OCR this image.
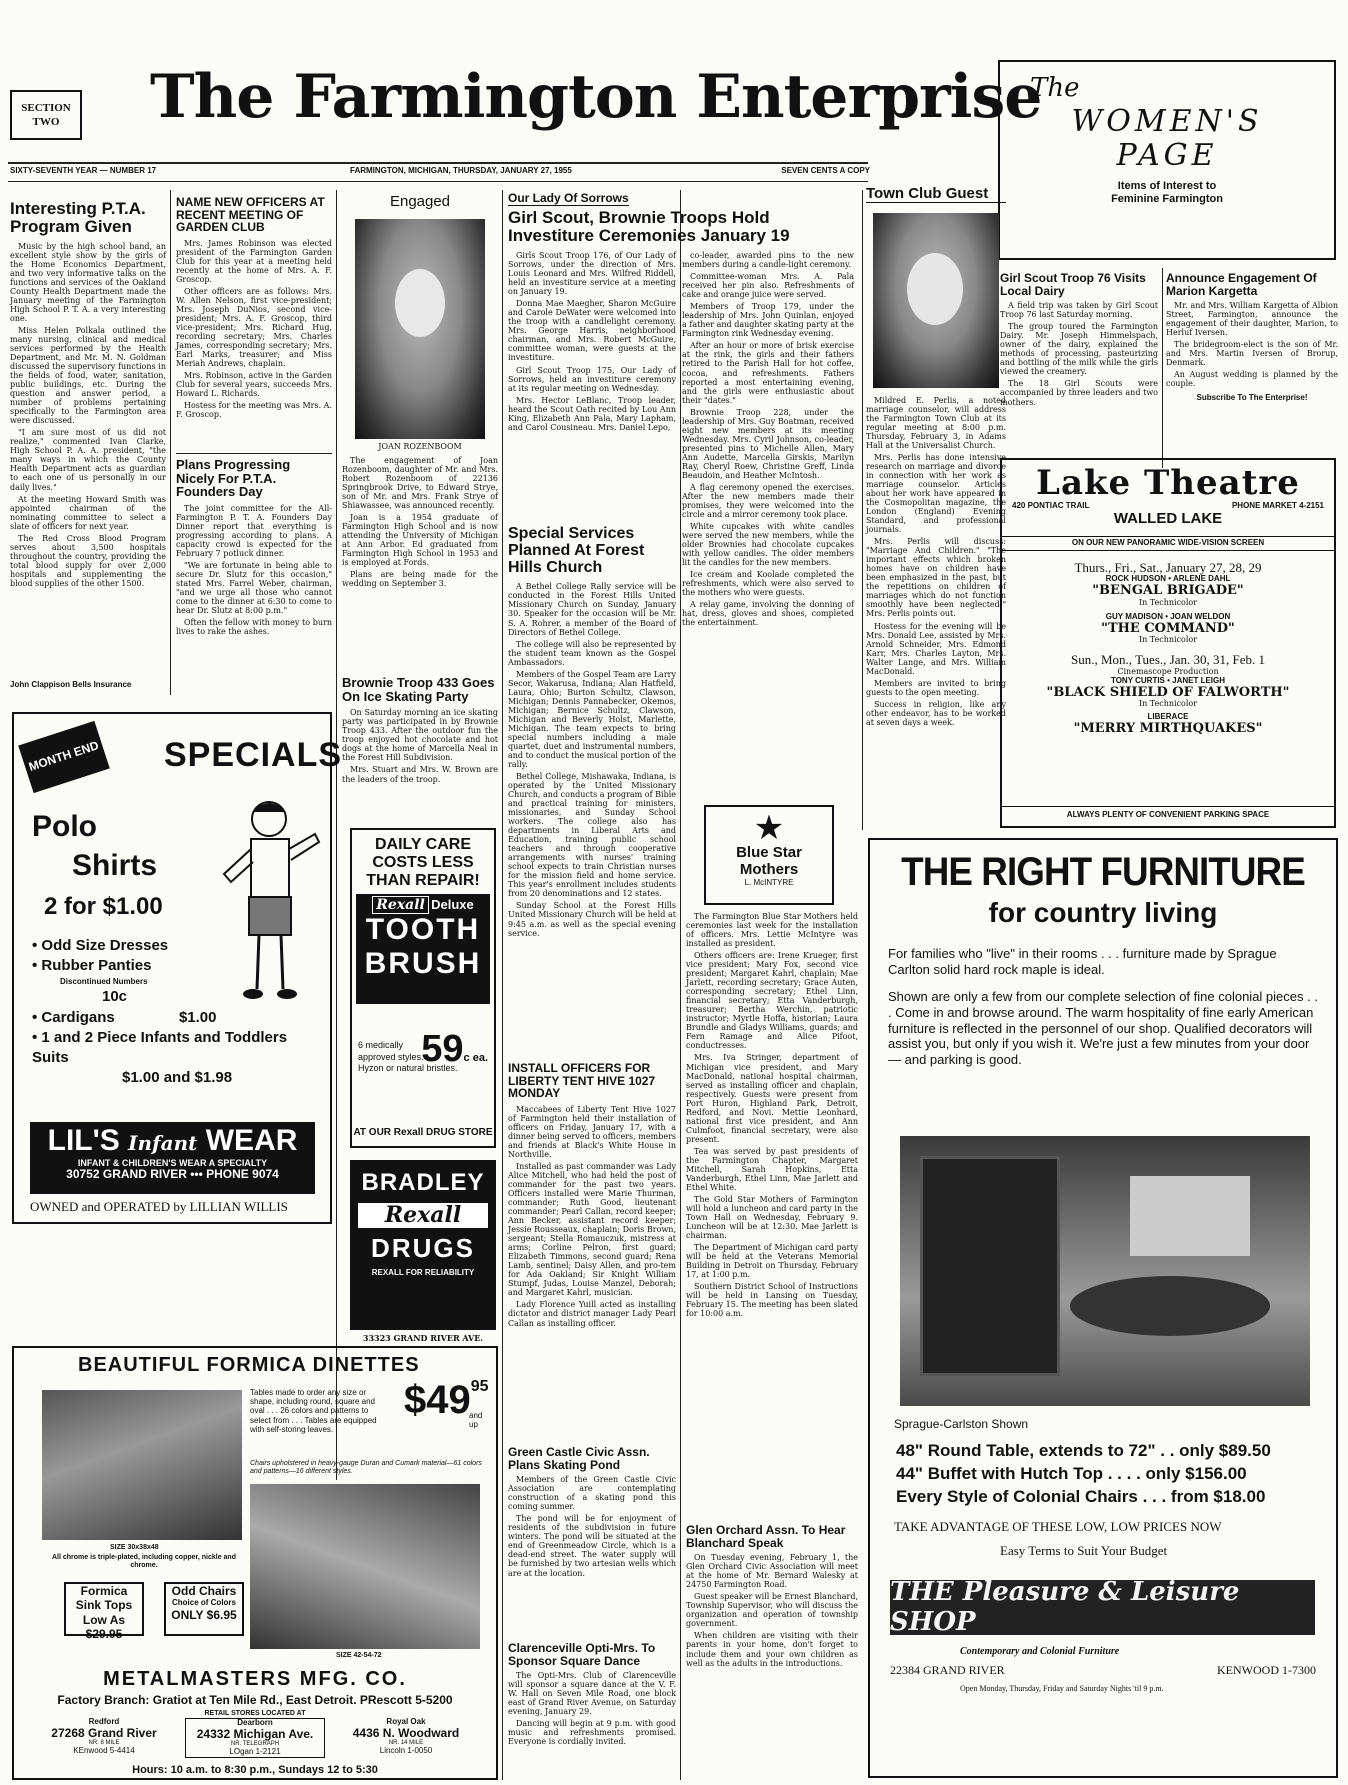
SECTION TWO The Farmington Enterprise
SIXTY-SEVENTH YEAR — NUMBER 17	FARMINGTON, MICHIGAN, THURSDAY, JANUARY 27, 1955	SEVEN CENTS A COPY
The
WOMEN'S
PAGE
Items of Interest to
Feminine Farmington
Interesting P.T.A. Program Given

Music by the high school band, an excellent style show by the girls of the Home Economics Department, and two very informative talks on the functions and services of the Oakland County Health Department made the January meeting of the Farmington High School P. T. A. a very interesting one.

Miss Helen Polkala outlined the many nursing, clinical and medical services performed by the Health Department, and Mr. M. N. Goldman discussed the supervisory functions in the fields of food, water, sanitation, public buildings, etc. During the question and answer period, a number of problems pertaining specifically to the Farmington area were discussed.

"I am sure most of us did not realize," commented Ivan Clarke, High School P. A. A. president, "the many ways in which the County Health Department acts as guardian to each one of us personally in our daily lives."

At the meeting Howard Smith was appointed chairman of the nominating committee to select a slate of officers for next year.

The Red Cross Blood Program serves about 3,500 hospitals throughout the country, providing the total blood supply for over 2,000 hospitals and supplementing the blood supplies of the other 1500.

John Clappison Bells Insurance
NAME NEW OFFICERS AT RECENT MEETING OF GARDEN CLUB

Mrs. James Robinson was elected president of the Farmington Garden Club for this year at a meeting held recently at the home of Mrs. A. F. Groscop.

Other officers are as follows: Mrs. W. Allen Nelson, first vice-president; Mrs. Joseph DuNios, second vice-president; Mrs. A. F. Groscop, third vice-president; Mrs. Richard Hug, recording secretary; Mrs. Charles James, corresponding secretary; Mrs. Earl Marks, treasurer; and Miss Meriah Andrews, chaplain.

Mrs. Robinson, active in the Garden Club for several years, succeeds Mrs. Howard L. Richards.

Hostess for the meeting was Mrs. A. F. Groscop.

Plans Progressing Nicely For P.T.A. Founders Day

The joint committee for the All-Farmington P. T. A. Founders Day Dinner report that everything is progressing according to plans. A capacity crowd is expected for the February 7 potluck dinner.

"We are fortunate in being able to secure Dr. Slutz for this occasion," stated Mrs. Farrel Weber, chairman, "and we urge all those who cannot come to the dinner at 6:30 to come to hear Dr. Slutz at 8:00 p.m."

Often the fellow with money to burn lives to rake the ashes.

MONTH END SPECIALS
Polo
Shirts
2 for $1.00
• Odd Size Dresses
• Rubber Panties
Discontinued Numbers
10c
• Cardigans	$1.00
• 1 and 2 Piece Infants and Toddlers Suits
$1.00 and $1.98
LIL'S Infant WEAR
INFANT & CHILDREN'S WEAR A SPECIALTY
30752 GRAND RIVER ••• PHONE 9074
OWNED and OPERATED by LILLIAN WILLIS
Engaged
JOAN ROZENBOOM

The engagement of Joan Rozenboom, daughter of Mr. and Mrs. Robert Rozenboom of 22136 Springbrook Drive, to Edward Strye, son of Mr. and Mrs. Frank Strye of Shiawassee, was announced recently.

Joan is a 1954 graduate of Farmington High School and is now attending the University of Michigan at Ann Arbor. Ed graduated from Farmington High School in 1953 and is employed at Fords.

Plans are being made for the wedding on September 3.

Brownie Troop 433 Goes On Ice Skating Party

On Saturday morning an ice skating party was participated in by Brownie Troop 433. After the outdoor fun the troop enjoyed hot chocolate and hot dogs at the home of Marcella Neal in the Forest Hill Subdivision.

Mrs. Stuart and Mrs. W. Brown are the leaders of the troop.

DAILY CARE
COSTS LESS
THAN REPAIR!
Rexall Deluxe
TOOTH
BRUSH
6 medically
approved styles.
Hyzon or natural bristles.
59c ea.
AT OUR Rexall DRUG STORE
BRADLEY
Rexall
DRUGS
REXALL FOR RELIABILITY
33323 GRAND RIVER AVE.
Our Lady Of Sorrows
Girl Scout, Brownie Troops Hold Investiture Ceremonies January 19

Girls Scout Troop 176, of Our Lady of Sorrows, under the direction of Mrs. Louis Leonard and Mrs. Wilfred Riddell, held an investiture service at a meeting on January 19.

Donna Mae Maegher, Sharon McGuire and Carole DeWater were welcomed into the troop with a candlelight ceremony. Mrs. George Harris, neighborhood chairman, and Mrs. Robert McGuire, committee woman, were guests at the investiture.

Girl Scout Troop 175, Our Lady of Sorrows, held an investiture ceremony at its regular meeting on Wednesday.

Mrs. Hector LeBlanc, Troop leader, heard the Scout Oath recited by Lou Ann King, Elizabeth Ann Pala, Mary Lapham, and Carol Cousineau. Mrs. Daniel Lepo,

co-leader, awarded pins to the new members during a candle-light ceremony.

Committee-woman Mrs. A. Pala received her pin also. Refreshments of cake and orange juice were served.

Members of Troop 179, under the leadership of Mrs. John Quinlan, enjoyed a father and daughter skating party at the Farmington rink Wednesday evening.

After an hour or more of brisk exercise at the rink, the girls and their fathers retired to the Parish Hall for hot coffee, cocoa, and refreshments. Fathers reported a most entertaining evening, and the girls were enthusiastic about their "dates."

Brownie Troop 228, under the leadership of Mrs. Guy Boatman, received eight new members at its meeting Wednesday. Mrs. Cyril Johnson, co-leader, presented pins to Michelle Allen, Mary Ann Audette, Marcella Girskis, Marilyn Ray, Cheryl Roew, Christine Greff, Linda Beaudoin, and Heather McIntosh.

A flag ceremony opened the exercises. After the new members made their promises, they were welcomed into the circle and a mirror ceremony took place.

White cupcakes with white candles were served the new members, while the older Brownies had chocolate cupcakes with yellow candles. The older members lit the candles for the new members.

Ice cream and Koolade completed the refreshments, which were also served to the mothers who were guests.

A relay game, involving the donning of hat, dress, gloves and shoes, completed the entertainment.

Special Services Planned At Forest Hills Church

A Bethel College Rally service will be conducted in the Forest Hills United Missionary Church on Sunday, January 30. Speaker for the occasion will be Mr. S. A. Rohrer, a member of the Board of Directors of Bethel College.

The college will also be represented by the student team known as the Gospel Ambassadors.

Members of the Gospel Team are Larry Secor, Wakarusa, Indiana; Alan Hatfield, Laura, Ohio; Burton Schultz, Clawson, Michigan; Dennis Pannabecker, Okemos, Michigan; Bernice Schultz, Clawson, Michigan and Beverly Holst, Marlette, Michigan. The team expects to bring special numbers including a male quartet, duet and instrumental numbers, and to conduct the musical portion of the rally.

Bethel College, Mishawaka, Indiana, is operated by the United Missionary Church, and conducts a program of Bible and practical training for ministers, missionaries, and Sunday School workers. The college also has departments in Liberal Arts and Education, training public school teachers and through cooperative arrangements with nurses' training school expects to train Christian nurses for the mission field and home service. This year's enrollment includes students from 20 denominations and 12 states.

Sunday School at the Forest Hills United Missionary Church will be held at 9:45 a.m. as well as the special evening service.

INSTALL OFFICERS FOR LIBERTY TENT HIVE 1027 MONDAY

Maccabees of Liberty Tent Hive 1027 of Farmington held their installation of officers on Friday, January 17, with a dinner being served to officers, members and friends at Black's White House in Northville.

Installed as past commander was Lady Alice Mitchell, who had held the post of commander for the past two years. Officers installed were Marie Thurman, commander; Ruth Good, lieutenant commander; Pearl Callan, record keeper; Ann Becker, assistant record keeper; Jessie Rousseaux, chaplain; Doris Brown, sergeant; Stella Romauczuk, mistress at arms; Corline Pelron, first guard; Elizabeth Timmons, second guard; Rena Lamb, sentinel; Daisy Allen, and pro-tem for Ada Oakland; Sir Knight William Stumpf, Judas, Louise Manzel, Deborah; and Margaret Kahrl, musician.

Lady Florence Yuill acted as installing dictator and district manager Lady Pearl Callan as installing officer.

Green Castle Civic Assn. Plans Skating Pond

Members of the Green Castle Civic Association are contemplating construction of a skating pond this coming summer.

The pond will be for enjoyment of residents of the subdivision in future winters. The pond will be situated at the end of Greenmeadow Circle, which is a dead-end street. The water supply will be furnished by two artesian wells which are at the location.

Clarenceville Opti-Mrs. To Sponsor Square Dance

The Opti-Mrs. Club of Clarenceville will sponsor a square dance at the V. F. W. Hall on Seven Mile Road, one block east of Grand River Avenue, on Saturday evening, January 29.

Dancing will begin at 9 p.m. with good music and refreshments promised. Everyone is cordially invited.

★
Blue Star
Mothers
L. McINTYRE

The Farmington Blue Star Mothers held ceremonies last week for the installation of officers. Mrs. Lettie McIntyre was installed as president.

Others officers are: Irene Krueger, first vice president; Mary Fox, second vice president; Margaret Kahrl, chaplain; Mae Jarlett, recording secretary; Grace Auten, corresponding secretary; Ethel Linn, financial secretary; Etta Vanderburgh, treasurer; Bertha Werchin, patriotic instructor; Myrtle Hoffa, historian; Laura Brundle and Gladys Williams, guards; and Fern Ramage and Alice Pifoot, conductresses.

Mrs. Iva Stringer, department of Michigan vice president, and Mary MacDonald, national hospital chairman, served as installing officer and chaplain, respectively. Guests were present from Port Huron, Highland Park, Detroit, Redford, and Novi. Mettie Leonhard, national first vice president, and Ann Culmfoot, financial secretary, were also present.

Tea was served by past presidents of the Farmington Chapter, Margaret Mitchell, Sarah Hopkins, Etta Vanderburgh, Ethel Linn, Mae Jarlett and Ethel White.

The Gold Star Mothers of Farmington will hold a luncheon and card party in the Town Hall on Wednesday, February 9. Luncheon will be at 12:30. Mae Jarlett is chairman.

The Department of Michigan card party will be held at the Veterans Memorial Building in Detroit on Thursday, February 17, at 1:00 p.m.

Southern District School of Instructions will be held in Lansing on Tuesday, February 15. The meeting has been slated for 10:00 a.m.

Glen Orchard Assn. To Hear Blanchard Speak

On Tuesday evening, February 1, the Glen Orchard Civic Association will meet at the home of Mr. Bernard Walesky at 24750 Farmington Road.

Guest speaker will be Ernest Blanchard, Township Supervisor, who will discuss the organization and operation of township government.

When children are visiting with their parents in your home, don't forget to include them and your own children as well as the adults in the introductions.

Town Club Guest

Mildred E. Perlis, a noted marriage counselor, will address the Farmington Town Club at its regular meeting at 8:00 p.m. Thursday, February 3, in Adams Hall at the Universalist Church.

Mrs. Perlis has done intensive research on marriage and divorce in connection with her work as marriage counselor. Articles about her work have appeared in the Cosmopolitan magazine, the London (England) Evening Standard, and professional journals.

Mrs. Perlis will discuss: "Marriage And Children." "The important effects which broken homes have on children have been emphasized in the past, but the repetitions on children of marriages which do not function smoothly have been neglected," Mrs. Perlis points out.

Hostess for the evening will be Mrs. Donald Lee, assisted by Mrs. Arnold Schneider, Mrs. Edmond Karr, Mrs. Charles Layton, Mrs. Walter Lange, and Mrs. William MacDonald.

Members are invited to bring guests to the open meeting.

Success in religion, like any other endeavor, has to be worked at seven days a week.

Girl Scout Troop 76 Visits Local Dairy

A field trip was taken by Girl Scout Troop 76 last Saturday morning.

The group toured the Farmington Dairy. Mr. Joseph Himmelspach, owner of the dairy, explained the methods of processing, pasteurizing and bottling of the milk while the girls viewed the creamery.

The 18 Girl Scouts were accompanied by three leaders and two mothers.

Announce Engagement Of Marion Kargetta

Mr. and Mrs. William Kargetta of Albion Street, Farmington, announce the engagement of their daughter, Marion, to Herluf Iversen.

The bridegroom-elect is the son of Mr. and Mrs. Martin Iversen of Brorup, Denmark.

An August wedding is planned by the couple.

Subscribe To The Enterprise!
Lake Theatre
420 PONTIAC TRAIL	PHONE MARKET 4-2151
WALLED LAKE
ON OUR NEW PANORAMIC WIDE-VISION SCREEN
Thurs., Fri., Sat., January 27, 28, 29
ROCK HUDSON • ARLENE DAHL
"BENGAL BRIGADE"
In Technicolor
GUY MADISON • JOAN WELDON
"THE COMMAND"
In Technicolor
Sun., Mon., Tues., Jan. 30, 31, Feb. 1
Cinemascope Production
TONY CURTIS • JANET LEIGH
"BLACK SHIELD OF FALWORTH"
In Technicolor
LIBERACE
"MERRY MIRTHQUAKES"
ALWAYS PLENTY OF CONVENIENT PARKING SPACE
THE RIGHT FURNITURE
for country living
For families who "live" in their rooms . . . furniture made by Sprague Carlton solid hard rock maple is ideal.
Shown are only a few from our complete selection of fine colonial pieces . . . Come in and browse around. The warm hospitality of fine early American furniture is reflected in the personnel of our shop. Qualified decorators will assist you, but only if you wish it. We're just a few minutes from your door — and parking is good.
Sprague-Carlston Shown
48" Round Table, extends to 72" . . only $89.50
44" Buffet with Hutch Top . . . . only $156.00
Every Style of Colonial Chairs . . . from $18.00
TAKE ADVANTAGE OF THESE LOW, LOW PRICES NOW
Easy Terms to Suit Your Budget
THE Pleasure & Leisure SHOP
Contemporary and Colonial Furniture
22384 GRAND RIVER	KENWOOD 1-7300
Open Monday, Thursday, Friday and Saturday Nights 'til 9 p.m.
BEAUTIFUL FORMICA DINETTES
Tables made to order any size or shape, including round, square and oval . . . 26 colors and patterns to select from . . . Tables are equipped with self-storing leaves.
Chairs upholstered in heavy-gauge Duran and Cumark material—61 colors and patterns—16 different styles.
$4995
and up
SIZE 30x38x48
All chrome is triple-plated, including copper, nickle and chrome.
SIZE 42-54-72
Formica
Sink Tops
Low As $29.95
Odd Chairs
Choice of Colors
ONLY $6.95
METALMASTERS MFG. CO.
Factory Branch: Gratiot at Ten Mile Rd., East Detroit. PRescott 5-5200
RETAIL STORES LOCATED AT
Redford
27268 Grand River
NR. 8 MILE
KEnwood 5-4414
Dearborn
24332 Michigan Ave.
NR. TELEGRAPH
LOgan 1-2121
Royal Oak
4436 N. Woodward
NR. 14 MILE
Lincoln 1-0050
Hours: 10 a.m. to 8:30 p.m., Sundays 12 to 5:30
